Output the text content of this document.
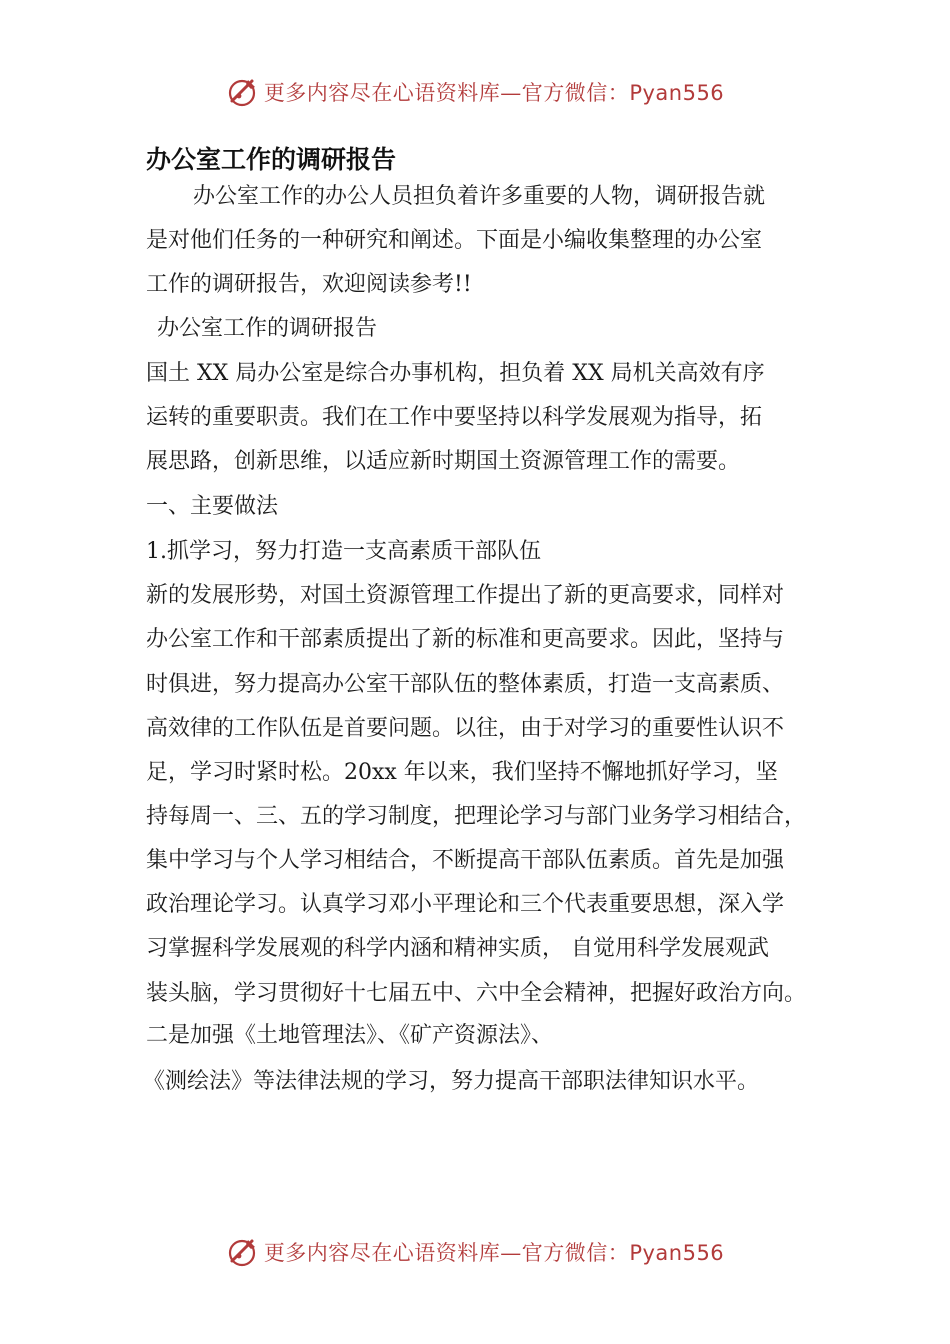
更多内容尽在心语资料库—官方微信：Pyan556
办公室工作的调研报告
办公室工作的办公人员担负着许多重要的人物，调研报告就
是对他们任务的一种研究和阐述。下面是小编收集整理的办公室
工作的调研报告，欢迎阅读参考!!
办公室工作的调研报告
国土 XX 局办公室是综合办事机构，担负着 XX 局机关高效有序
运转的重要职责。我们在工作中要坚持以科学发展观为指导，拓
展思路，创新思维，以适应新时期国土资源管理工作的需要。
一、主要做法
1.抓学习，努力打造一支高素质干部队伍
新的发展形势，对国土资源管理工作提出了新的更高要求，同样对
办公室工作和干部素质提出了新的标准和更高要求。因此，坚持与
时俱进，努力提高办公室干部队伍的整体素质，打造一支高素质、
高效律的工作队伍是首要问题。以往，由于对学习的重要性认识不
足，学习时紧时松。20xx 年以来，我们坚持不懈地抓好学习，坚
持每周一、三、五的学习制度，把理论学习与部门业务学习相结合，
集中学习与个人学习相结合，不断提高干部队伍素质。首先是加强
政治理论学习。认真学习邓小平理论和三个代表重要思想，深入学
习掌握科学发展观的科学内涵和精神实质， 自觉用科学发展观武
装头脑，学习贯彻好十七届五中、六中全会精神，把握好政治方向。
二是加强《土地管理法》、《矿产资源法》、
《测绘法》等法律法规的学习，努力提高干部职法律知识水平。
更多内容尽在心语资料库—官方微信：Pyan556
